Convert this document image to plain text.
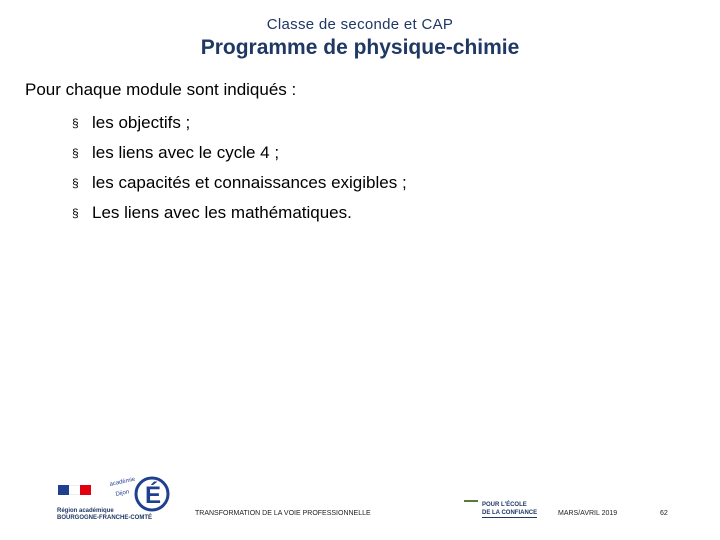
Classe de seconde et CAP
Programme de physique-chimie
Pour chaque module sont indiqués :
§ les objectifs ;
§ les liens avec le cycle 4 ;
§ les capacités et connaissances exigibles ;
§ Les liens avec les mathématiques.
Région académique
BOURGOGNE-FRANCHE-COMTÉ
É
académie
Dijon
TRANSFORMATION DE LA VOIE PROFESSIONNELLE
POUR L'ÉCOLE
DE LA CONFIANCE	MARS/AVRIL 2019	62
